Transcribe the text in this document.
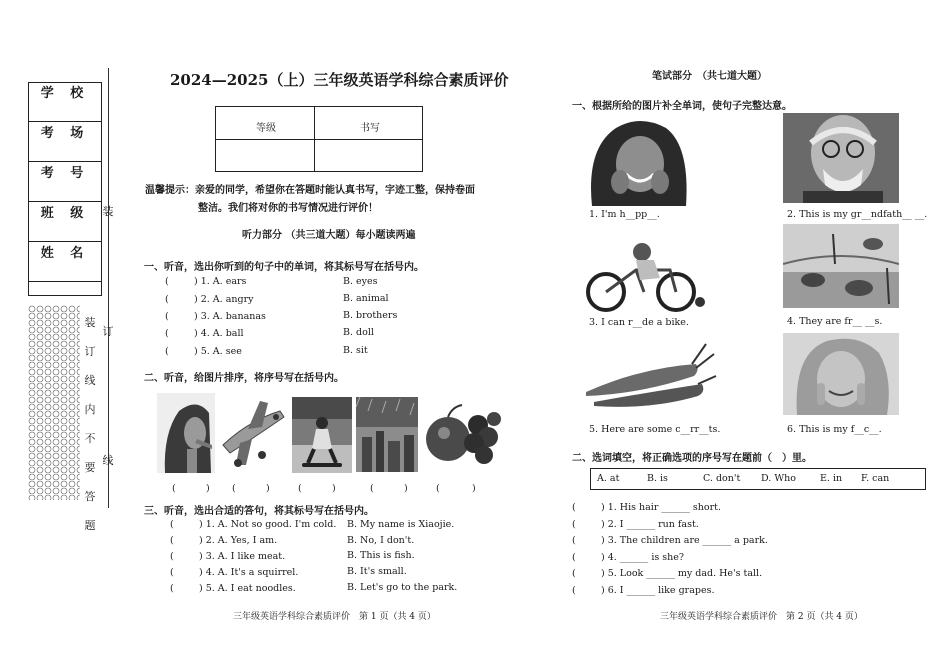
学 校
考 场
考 号
班 级
姓 名
装
订
线
装
订
线
内
不
要
答
题
2024—2025（上）三年级英语学科综合素质评价
等级	书写
温馨提示：亲爱的同学，希望你在答题时能认真书写，字迹工整，保持卷面
整洁。我们将对你的书写情况进行评价！
听力部分 （共三道大题）每小题读两遍
一、听音，选出你听到的句子中的单词，将其标号写在括号内。
(	) 1. A. ears	B. eyes
(	) 2. A. angry	B. animal
(	) 3. A. bananas	B. brothers
(	) 4. A. ball	B. doll
(	) 5. A. see	B. sit
二、听音，给图片排序，将序号写在括号内。
(	) (	)	(	)	(	)	(	)
三、听音，选出合适的答句，将其标号写在括号内。
(	) 1. A. Not so good. I'm cold. B. My name is Xiaojie.
(	) 2. A. Yes, I am.	B. No, I don't.
(	) 3. A. I like meat.	B. This is fish.
(	) 4. A. It's a squirrel.	B. It's small.
(	) 5. A. I eat noodles.	B. Let's go to the park.
三年级英语学科综合素质评价　第 1 页（共 4 页）
笔试部分　（共七道大题）
一、根据所给的图片补全单词，使句子完整达意。
1. I'm h__pp__.	2. This is my gr__ndfath__ __.
3. I can r__de a bike.	4. They are fr__ __s.
5. Here are some c__rr__ts.	6. This is my f__c__.
二、选词填空，将正确选项的序号写在题前（　）里。
A. at	B. is	C. don't D. Who	E. in F. can
(	) 1. His hair ______ short.
(	) 2. I ______ run fast.
(	) 3. The children are ______ a park.
(	) 4. ______ is she?
(	) 5. Look ______ my dad. He's tall.
(	) 6. I ______ like grapes.
三年级英语学科综合素质评价　第 2 页（共 4 页）
